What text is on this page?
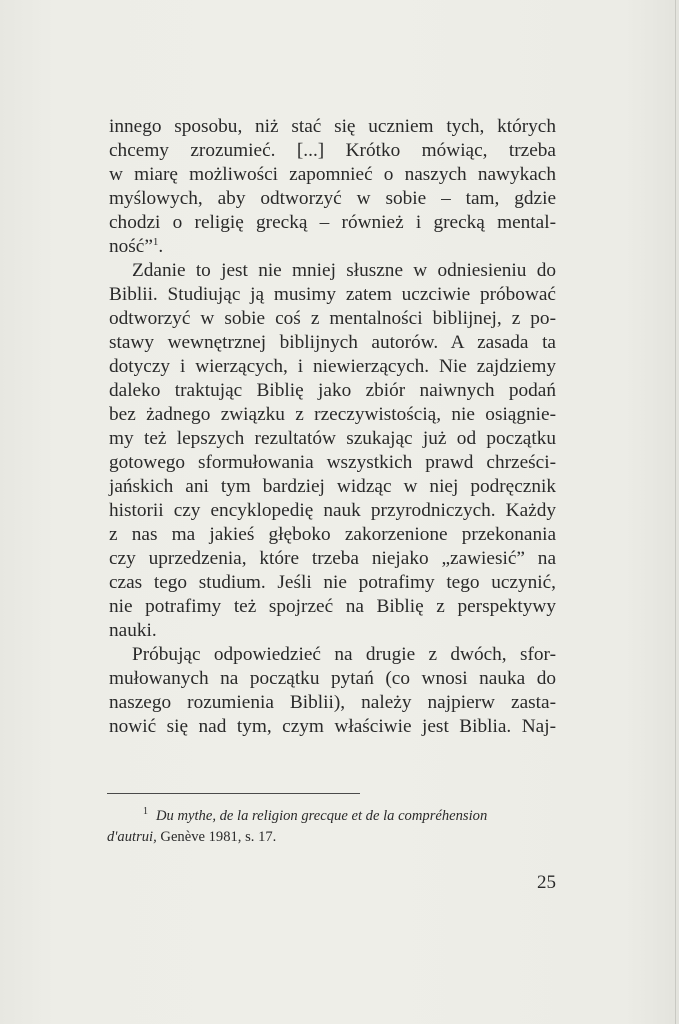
innego sposobu, niż stać się uczniem tych, których
chcemy zrozumieć. [...] Krótko mówiąc, trzeba
w miarę możliwości zapomnieć o naszych nawykach
myślowych, aby odtworzyć w sobie – tam, gdzie
chodzi o religię grecką – również i grecką mental-
ność”$^1$.
Zdanie to jest nie mniej słuszne w odniesieniu do
Biblii. Studiując ją musimy zatem uczciwie próbować
odtworzyć w sobie coś z mentalności biblijnej, z po-
stawy wewnętrznej biblijnych autorów. A zasada ta
dotyczy i wierzących, i niewierzących. Nie zajdziemy
daleko traktując Biblię jako zbiór naiwnych podań
bez żadnego związku z rzeczywistością, nie osiągnie-
my też lepszych rezultatów szukając już od początku
gotowego sformułowania wszystkich prawd chrześci-
jańskich ani tym bardziej widząc w niej podręcznik
historii czy encyklopedię nauk przyrodniczych. Każdy
z nas ma jakieś głęboko zakorzenione przekonania
czy uprzedzenia, które trzeba niejako „zawiesić” na
czas tego studium. Jeśli nie potrafimy tego uczynić,
nie potrafimy też spojrzeć na Biblię z perspektywy
nauki.
Próbując odpowiedzieć na drugie z dwóch, sfor-
mułowanych na początku pytań (co wnosi nauka do
naszego rozumienia Biblii), należy najpierw zasta-
nowić się nad tym, czym właściwie jest Biblia. Naj-
$^1$ Du mythe, de la religion grecque et de la compréhension
d'autrui, Genève 1981, s. 17.
25
